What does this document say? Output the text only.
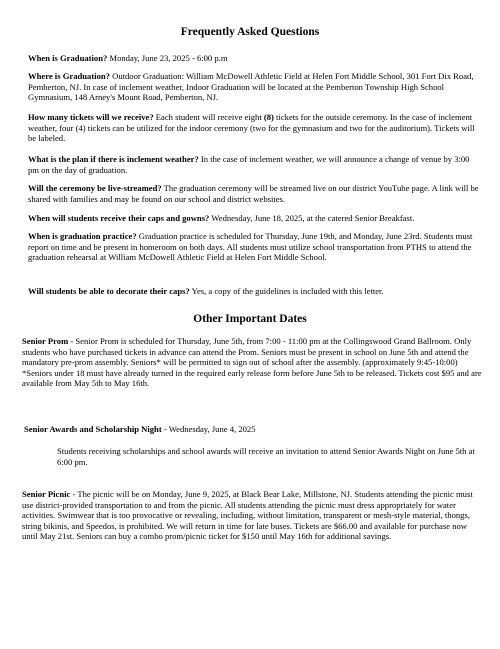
Frequently Asked Questions
When is Graduation? Monday, June 23, 2025 - 6:00 p.m
Where is Graduation? Outdoor Graduation: William McDowell Athletic Field at Helen Fort Middle School, 301 Fort Dix Road, Pemberton, NJ. In case of inclement weather, Indoor Graduation will be located at the Pemberton Township High School Gymnasium, 148 Arney's Mount Road, Pemberton, NJ.
How many tickets will we receive? Each student will receive eight (8) tickets for the outside ceremony. In the case of inclement weather, four (4) tickets can be utilized for the indoor ceremony (two for the gymnasium and two for the auditorium). Tickets will be labeled.
What is the plan if there is inclement weather? In the case of inclement weather, we will announce a change of venue by 3:00 pm on the day of graduation.
Will the ceremony be live-streamed? The graduation ceremony will be streamed live on our district YouTube page. A link will be shared with families and may be found on our school and district websites.
When will students receive their caps and gowns? Wednesday, June 18, 2025, at the catered Senior Breakfast.
When is graduation practice? Graduation practice is scheduled for Thursday, June 19th, and Monday, June 23rd. Students must report on time and be present in homeroom on both days. All students must utilize school transportation from PTHS to attend the graduation rehearsal at William McDowell Athletic Field at Helen Fort Middle School.
Will students be able to decorate their caps? Yes, a copy of the guidelines is included with this letter.
Other Important Dates
Senior Prom - Senior Prom is scheduled for Thursday, June 5th, from 7:00 - 11:00 pm at the Collingswood Grand Ballroom. Only students who have purchased tickets in advance can attend the Prom. Seniors must be present in school on June 5th and attend the mandatory pre-prom assembly. Seniors* will be permitted to sign out of school after the assembly. (approximately 9:45-10:00) *Seniors under 18 must have already turned in the required early release form before June 5th to be released. Tickets cost $95 and are available from May 5th to May 16th.
Senior Awards and Scholarship Night - Wednesday, June 4, 2025
Students receiving scholarships and school awards will receive an invitation to attend Senior Awards Night on June 5th at 6:00 pm.
Senior Picnic - The picnic will be on Monday, June 9, 2025, at Black Bear Lake, Millstone, NJ. Students attending the picnic must use district-provided transportation to and from the picnic. All students attending the picnic must dress appropriately for water activities. Swimwear that is too provocative or revealing, including, without limitation, transparent or mesh-style material, thongs, string bikinis, and Speedos, is prohibited. We will return in time for late buses. Tickets are $66.00 and available for purchase now until May 21st. Seniors can buy a combo prom/picnic ticket for $150 until May 16th for additional savings.
